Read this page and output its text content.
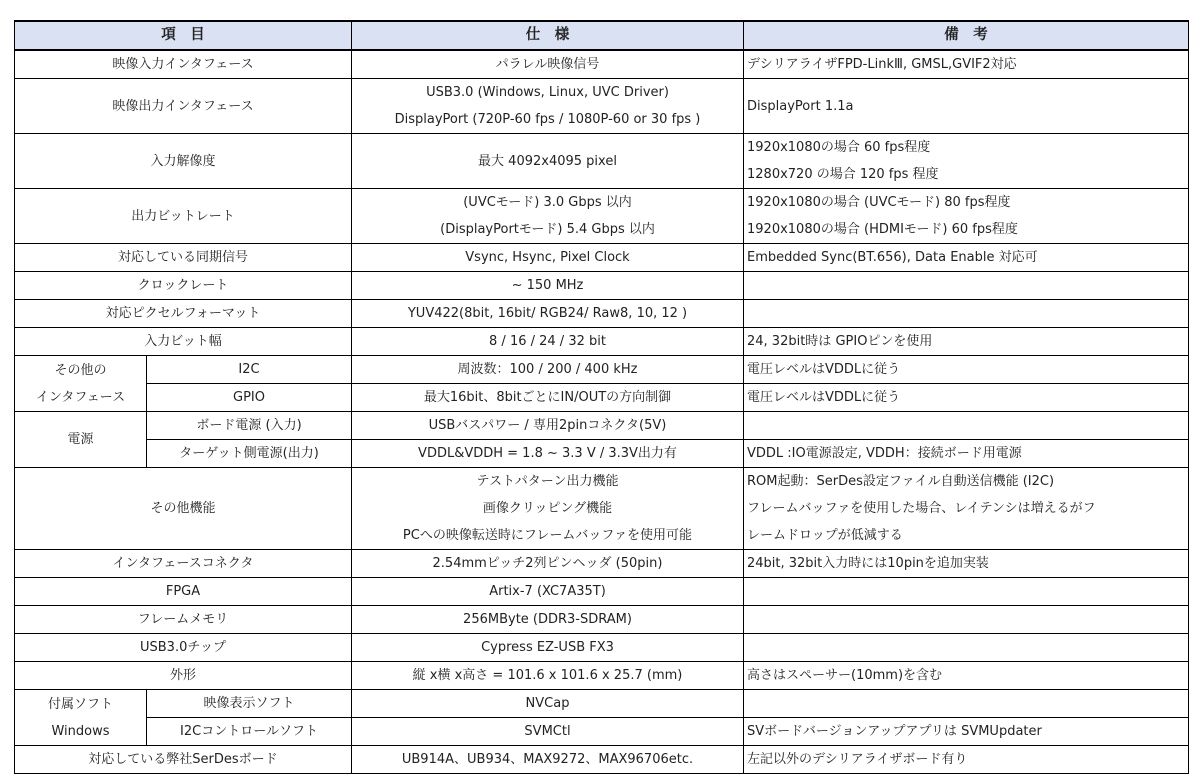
項　目		仕　様	備　考
映像入力インタフェース		パラレル映像信号	デシリアライザFPD-LinkⅢ, GMSL,GVIF2対応

映像出力インタフェース		USB3.0 (Windows, Linux, UVC Driver)
DisplayPort (720P-60 fps / 1080P-60 or 30 fps )	DisplayPort 1.1a

入力解像度		最大 4092x4095 pixel	1920x1080の場合 60 fps程度
1280x720 の場合 120 fps 程度

出力ビットレート		(UVCモード) 3.0 Gbps 以内
(DisplayPortモード) 5.4 Gbps 以内	1920x1080の場合 (UVCモード) 80 fps程度
1920x1080の場合 (HDMIモード) 60 fps程度

対応している同期信号		Vsync, Hsync, Pixel Clock	Embedded Sync(BT.656), Data Enable 対応可

クロックレート		~ 150 MHz	

対応ピクセルフォーマット		YUV422(8bit, 16bit/ RGB24/ Raw8, 10, 12 )	

入力ビット幅		8 / 16 / 24 / 32 bit	24, 32bit時は GPIOピンを使用

その他の
インタフェース	I2C	周波数：100 / 200 / 400 kHz	電圧レベルはVDDLに従う

	GPIO	最大16bit、8bitごとにIN/OUTの方向制御	電圧レベルはVDDLに従う

電源	ボード電源 (入力)	USBバスパワー / 専用2pinコネクタ(5V)	

	ターゲット側電源(出力)	VDDL&VDDH = 1.8 ~ 3.3 V / 3.3V出力有	VDDL :IO電源設定, VDDH：接続ボード用電源

その他機能		テストパターン出力機能
画像クリッピング機能
PCへの映像転送時にフレームバッファを使用可能	ROM起動：SerDes設定ファイル自動送信機能 (I2C)
フレームバッファを使用した場合、レイテンシは増えるがフ
レームドロップが低減する

インタフェースコネクタ		2.54mmピッチ2列ピンヘッダ (50pin)	24bit, 32bit入力時には10pinを追加実装

FPGA		Artix-7 (XC7A35T)	

フレームメモリ		256MByte (DDR3-SDRAM)	

USB3.0チップ		Cypress EZ-USB FX3	

外形		縦 x横 x高さ = 101.6 x 101.6 x 25.7 (mm)	高さはスペーサー(10mm)を含む

付属ソフト
Windows	映像表示ソフト	NVCap	

	I2Cコントロールソフト	SVMCtl	SVボードバージョンアップアプリは SVMUpdater

対応している弊社SerDesボード		UB914A、UB934、MAX9272、MAX96706etc.	左記以外のデシリアライザボード有り
